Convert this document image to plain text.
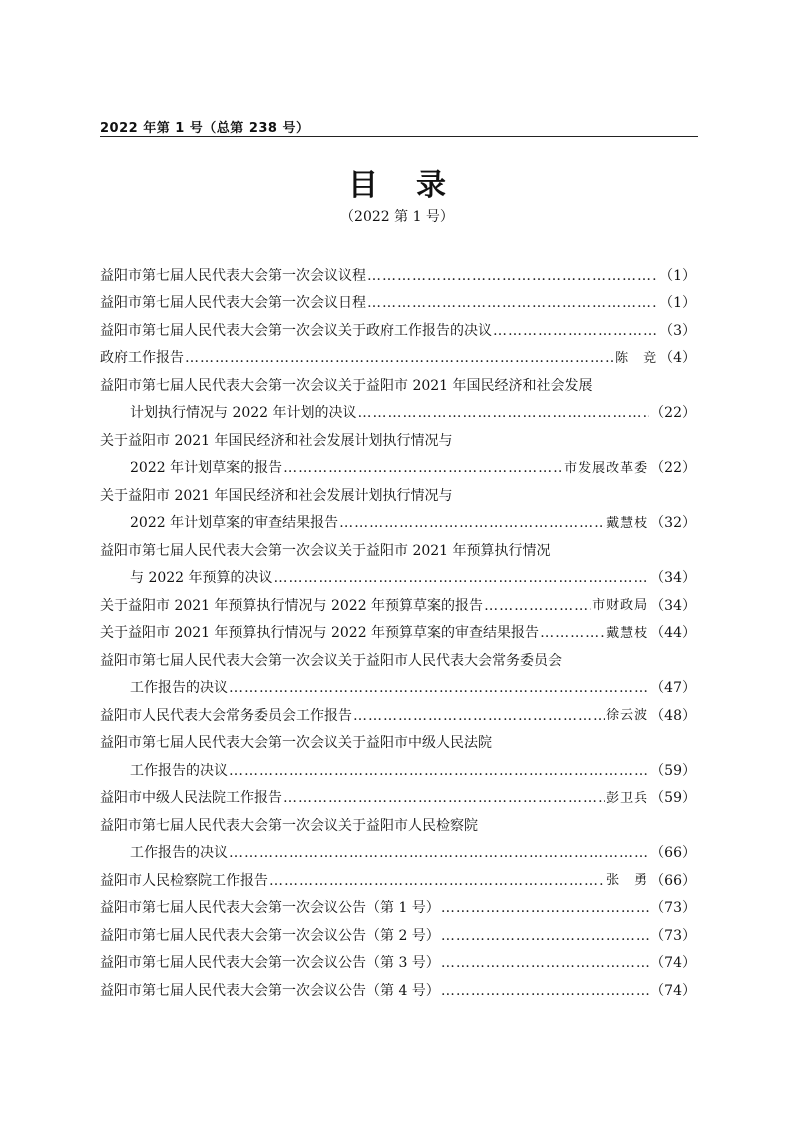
2022 年第 1 号（总第 238 号）
目录
（2022 第 1 号）
益阳市第七届人民代表大会第一次会议议程 ……………………………………………………………………………………………………………………………………………………	（1）
益阳市第七届人民代表大会第一次会议日程 ……………………………………………………………………………………………………………………………………………………	（1）
益阳市第七届人民代表大会第一次会议关于政府工作报告的决议 ……………………………………………………………………………………………………………………………………………………	（3）
政府工作报告 ……………………………………………………………………………………………………………………………………………………	陈　竞 （4）
益阳市第七届人民代表大会第一次会议关于益阳市 2021 年国民经济和社会发展
计划执行情况与 2022 年计划的决议 ……………………………………………………………………………………………………………………………………………………	（22）
关于益阳市 2021 年国民经济和社会发展计划执行情况与
2022 年计划草案的报告 ……………………………………………………………………………………………………………………………………………………	市发展改革委 （22）
关于益阳市 2021 年国民经济和社会发展计划执行情况与
2022 年计划草案的审查结果报告 ……………………………………………………………………………………………………………………………………………………	戴慧枝 （32）
益阳市第七届人民代表大会第一次会议关于益阳市 2021 年预算执行情况
与 2022 年预算的决议 ……………………………………………………………………………………………………………………………………………………	（34）
关于益阳市 2021 年预算执行情况与 2022 年预算草案的报告 ……………………………………………………………………………………………………………………………………………………	市财政局 （34）
关于益阳市 2021 年预算执行情况与 2022 年预算草案的审查结果报告 ……………………………………………………………………………………………………………………………………………………	戴慧枝 （44）
益阳市第七届人民代表大会第一次会议关于益阳市人民代表大会常务委员会
工作报告的决议 ……………………………………………………………………………………………………………………………………………………	（47）
益阳市人民代表大会常务委员会工作报告 ……………………………………………………………………………………………………………………………………………………	徐云波 （48）
益阳市第七届人民代表大会第一次会议关于益阳市中级人民法院
工作报告的决议 ……………………………………………………………………………………………………………………………………………………	（59）
益阳市中级人民法院工作报告 ……………………………………………………………………………………………………………………………………………………	彭卫兵 （59）
益阳市第七届人民代表大会第一次会议关于益阳市人民检察院
工作报告的决议 ……………………………………………………………………………………………………………………………………………………	（66）
益阳市人民检察院工作报告 ……………………………………………………………………………………………………………………………………………………	张　勇 （66）
益阳市第七届人民代表大会第一次会议公告（第 1 号） ……………………………………………………………………………………………………………………………………………………	（73）
益阳市第七届人民代表大会第一次会议公告（第 2 号） ……………………………………………………………………………………………………………………………………………………	（73）
益阳市第七届人民代表大会第一次会议公告（第 3 号） ……………………………………………………………………………………………………………………………………………………	（74）
益阳市第七届人民代表大会第一次会议公告（第 4 号） ……………………………………………………………………………………………………………………………………………………	（74）
